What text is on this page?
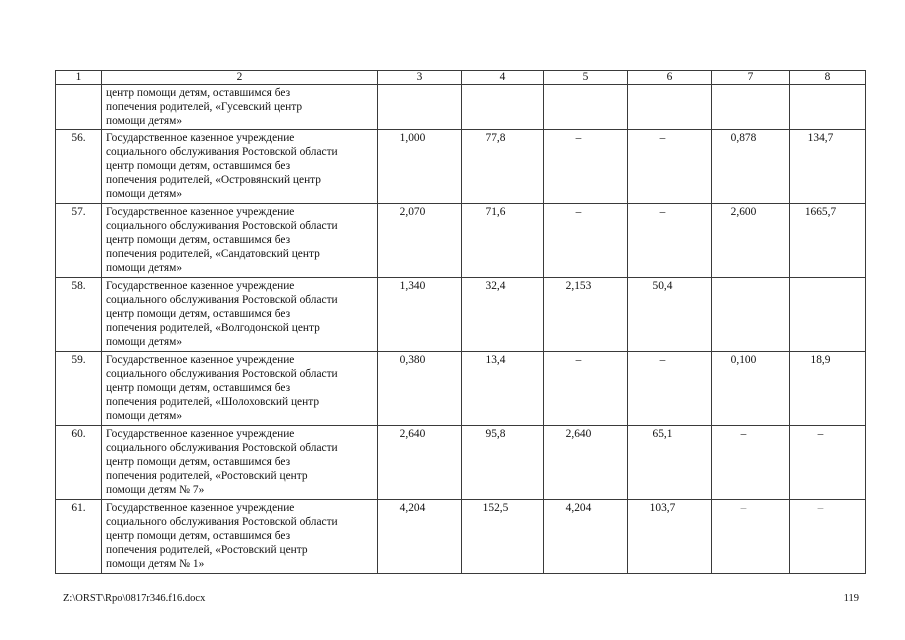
1	2	3	4	5	6	7	8

	центр помощи детям, оставшимся без
попечения родителей, «Гусевский центр
помощи детям»						

56.	Государственное казенное учреждение
социального обслуживания Ростовской области
центр помощи детям, оставшимся без
попечения родителей, «Островянский центр
помощи детям»	1,000	77,8	–	–	0,878	134,7
57.	Государственное казенное учреждение
социального обслуживания Ростовской области
центр помощи детям, оставшимся без
попечения родителей, «Сандатовский центр
помощи детям»	2,070	71,6	–	–	2,600	1665,7
58.	Государственное казенное учреждение
социального обслуживания Ростовской области
центр помощи детям, оставшимся без
попечения родителей, «Волгодонской центр
помощи детям»	1,340	32,4	2,153	50,4		
59.	Государственное казенное учреждение
социального обслуживания Ростовской области
центр помощи детям, оставшимся без
попечения родителей, «Шолоховский центр
помощи детям»	0,380	13,4	–	–	0,100	18,9
60.	Государственное казенное учреждение
социального обслуживания Ростовской области
центр помощи детям, оставшимся без
попечения родителей, «Ростовский центр
помощи детям № 7»	2,640	95,8	2,640	65,1	–	–
61.	Государственное казенное учреждение
социального обслуживания Ростовской области
центр помощи детям, оставшимся без
попечения родителей, «Ростовский центр
помощи детям № 1»	4,204	152,5	4,204	103,7	–	–
Z:\ORST\Rpo\0817r346.f16.docx	119
